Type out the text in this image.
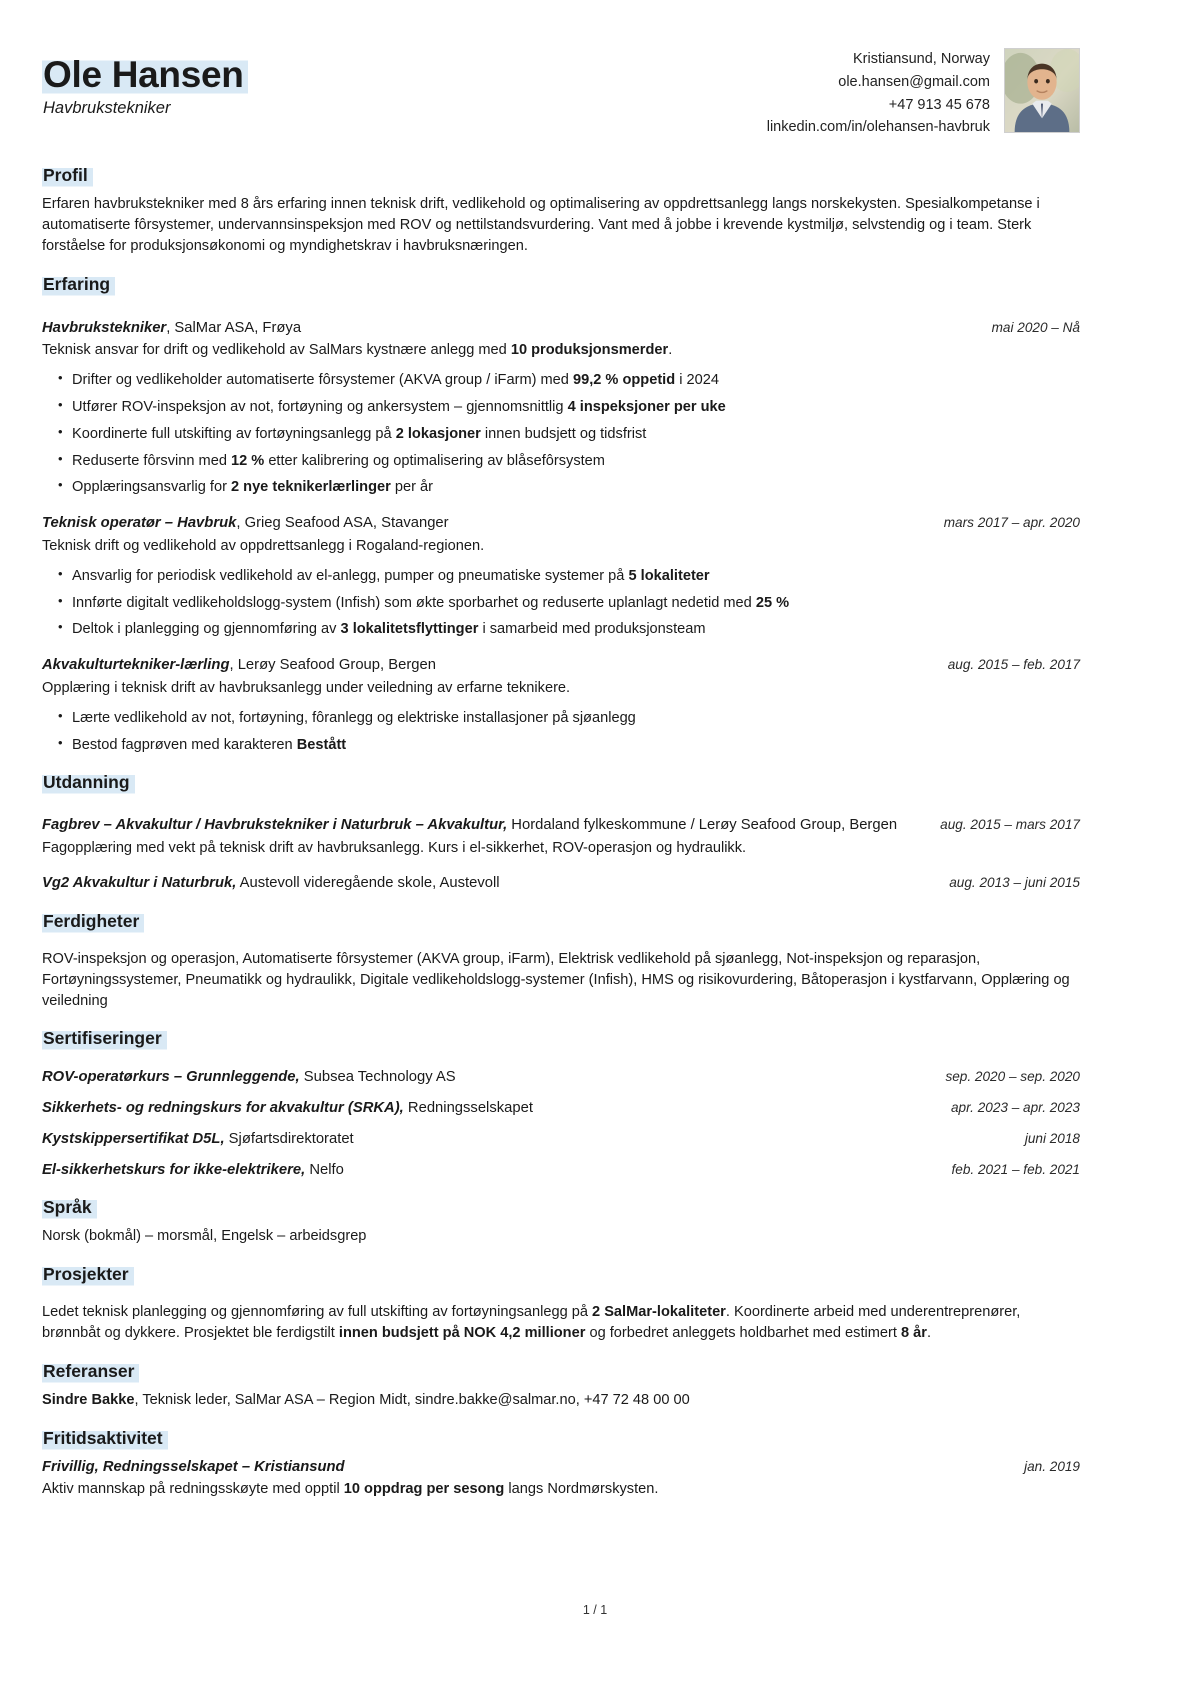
Ole Hansen
Havbrukstekniker
Kristiansund, Norway
ole.hansen@gmail.com
+47 913 45 678
linkedin.com/in/olehansen-havbruk
Profil
Erfaren havbrukstekniker med 8 års erfaring innen teknisk drift, vedlikehold og optimalisering av oppdrettsanlegg langs norskekysten. Spesialkompetanse i automatiserte fôrsystemer, undervannsinspeksjon med ROV og nettilstandsvurdering. Vant med å jobbe i krevende kystmiljø, selvstendig og i team. Sterk forståelse for produksjonsøkonomi og myndighetskrav i havbruksnæringen.
Erfaring
Havbrukstekniker, SalMar ASA, Frøya	mai 2020 – Nå
Teknisk ansvar for drift og vedlikehold av SalMars kystnære anlegg med 10 produksjonsmerder.
• Drifter og vedlikeholder automatiserte fôrsystemer (AKVA group / iFarm) med 99,2 % oppetid i 2024
• Utfører ROV-inspeksjon av not, fortøyning og ankersystem – gjennomsnittlig 4 inspeksjoner per uke
• Koordinerte full utskifting av fortøyningsanlegg på 2 lokasjoner innen budsjett og tidsfrist
• Reduserte fôrsvinn med 12 % etter kalibrering og optimalisering av blåsefôrsystem
• Opplæringsansvarlig for 2 nye teknikerlærlinger per år
Teknisk operatør – Havbruk, Grieg Seafood ASA, Stavanger	mars 2017 – apr. 2020
Teknisk drift og vedlikehold av oppdrettsanlegg i Rogaland-regionen.
• Ansvarlig for periodisk vedlikehold av el-anlegg, pumper og pneumatiske systemer på 5 lokaliteter
• Innførte digitalt vedlikeholdslogg-system (Infish) som økte sporbarhet og reduserte uplanlagt nedetid med 25 %
• Deltok i planlegging og gjennomføring av 3 lokalitetsflyttinger i samarbeid med produksjonsteam
Akvakulturtekniker-lærling, Lerøy Seafood Group, Bergen	aug. 2015 – feb. 2017
Opplæring i teknisk drift av havbruksanlegg under veiledning av erfarne teknikere.
• Lærte vedlikehold av not, fortøyning, fôranlegg og elektriske installasjoner på sjøanlegg
• Bestod fagprøven med karakteren Bestått
Utdanning
Fagbrev – Akvakultur / Havbrukstekniker i Naturbruk – Akvakultur, Hordaland fylkeskommune / Lerøy Seafood Group, Bergen	aug. 2015 – mars 2017
Fagopplæring med vekt på teknisk drift av havbruksanlegg. Kurs i el-sikkerhet, ROV-operasjon og hydraulikk.
Vg2 Akvakultur i Naturbruk, Austevoll videregående skole, Austevoll	aug. 2013 – juni 2015
Ferdigheter
ROV-inspeksjon og operasjon, Automatiserte fôrsystemer (AKVA group, iFarm), Elektrisk vedlikehold på sjøanlegg, Not-inspeksjon og reparasjon, Fortøyningssystemer, Pneumatikk og hydraulikk, Digitale vedlikeholdslogg-systemer (Infish), HMS og risikovurdering, Båtoperasjon i kystfarvann, Opplæring og veiledning
Sertifiseringer
ROV-operatørkurs – Grunnleggende, Subsea Technology AS	sep. 2020 – sep. 2020
Sikkerhets- og redningskurs for akvakultur (SRKA), Redningsselskapet	apr. 2023 – apr. 2023
Kystskippersertifikat D5L, Sjøfartsdirektoratet	juni 2018
El-sikkerhetskurs for ikke-elektrikere, Nelfo	feb. 2021 – feb. 2021
Språk
Norsk (bokmål) – morsmål, Engelsk – arbeidsgrep
Prosjekter
Ledet teknisk planlegging og gjennomføring av full utskifting av fortøyningsanlegg på 2 SalMar-lokaliteter. Koordinerte arbeid med underentreprenører, brønnbåt og dykkere. Prosjektet ble ferdigstilt innen budsjett på NOK 4,2 millioner og forbedret anleggets holdbarhet med estimert 8 år.
Referanser
Sindre Bakke, Teknisk leder, SalMar ASA – Region Midt, sindre.bakke@salmar.no, +47 72 48 00 00
Fritidsaktivitet
Frivillig, Redningsselskapet – Kristiansund	jan. 2019
Aktiv mannskap på redningsskøyte med opptil 10 oppdrag per sesong langs Nordmørskysten.
1 / 1
